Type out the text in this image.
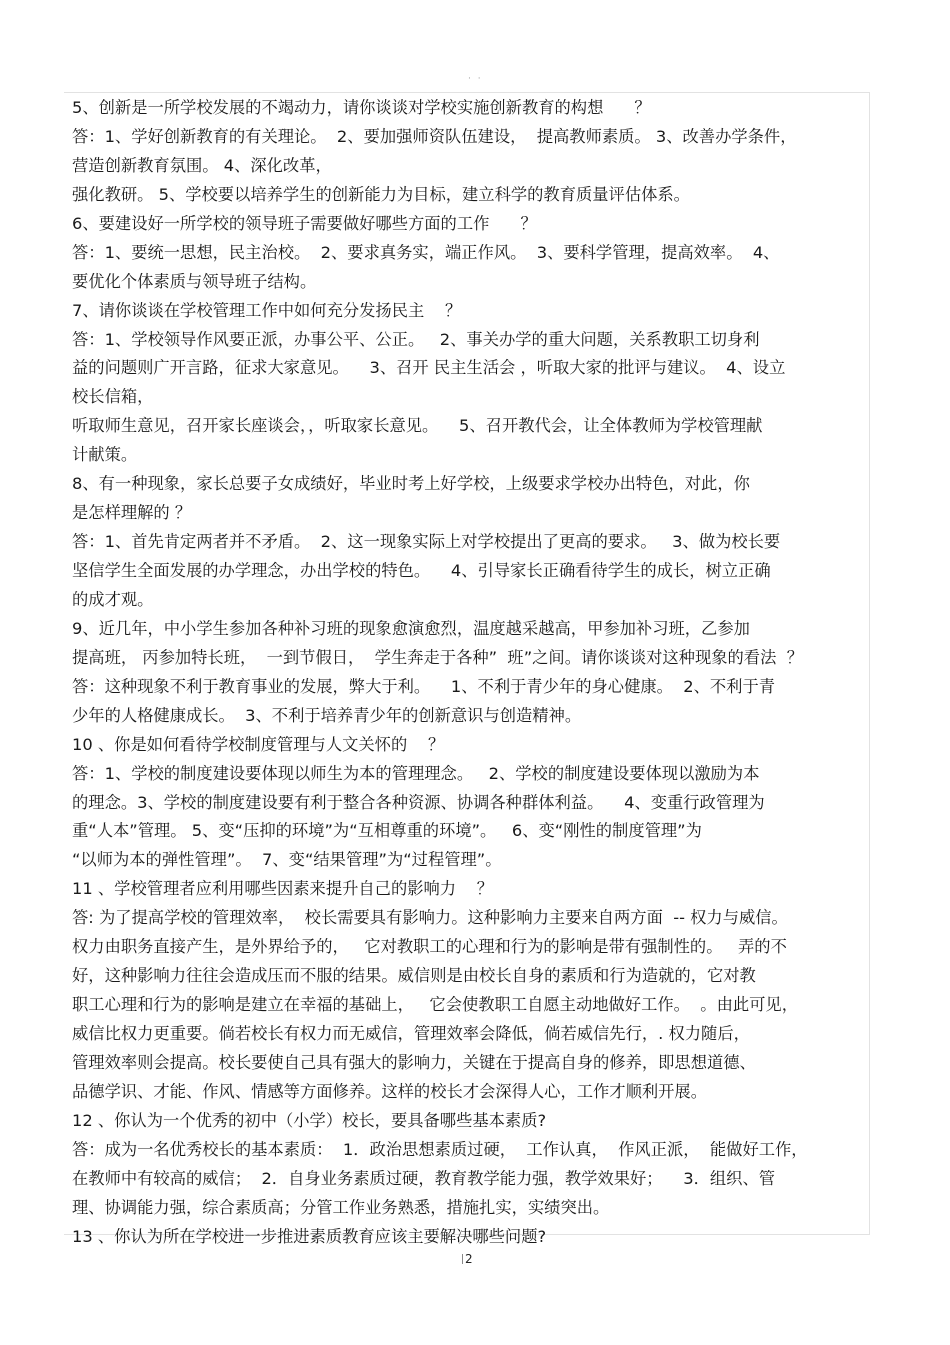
· ·
5、创新是一所学校发展的不竭动力，请你谈谈对学校实施创新教育的构想      ？
答：1、学好创新教育的有关理论。  2、要加强师资队伍建设，  提高教师素质。 3、改善办学条件，
营造创新教育氛围。 4、深化改革，
强化教研。 5、学校要以培养学生的创新能力为目标，建立科学的教育质量评估体系。
6、要建设好一所学校的领导班子需要做好哪些方面的工作      ？
答：1、要统一思想，民主治校。  2、要求真务实，端正作风。  3、要科学管理，提高效率。  4、
要优化个体素质与领导班子结构。
7、请你谈谈在学校管理工作中如何充分发扬民主    ？
答：1、学校领导作风要正派，办事公平、公正。   2、事关办学的重大问题，关系教职工切身利
益的问题则广开言路，征求大家意见。    3、召开 民主生活会 ，听取大家的批评与建议。  4、设立
校长信箱，
听取师生意见，召开家长座谈会，，听取家长意见。    5、召开教代会，让全体教师为学校管理献
计献策。
8、有一种现象，家长总要子女成绩好，毕业时考上好学校，上级要求学校办出特色，对此，你
是怎样理解的 ？
答：1、首先肯定两者并不矛盾。  2、这一现象实际上对学校提出了更高的要求。   3、做为校长要
坚信学生全面发展的办学理念，办出学校的特色。    4、引导家长正确看待学生的成长，树立正确
的成才观。
9、近几年，中小学生参加各种补习班的现象愈演愈烈，温度越采越高，甲参加补习班，乙参加
提高班， 丙参加特长班，  一到节假日，  学生奔走于各种”  班”之间。请你谈谈对这种现象的看法  ？
答：这种现象不利于教育事业的发展，弊大于利。    1、不利于青少年的身心健康。  2、不利于青
少年的人格健康成长。  3、不利于培养青少年的创新意识与创造精神。
10 、你是如何看待学校制度管理与人文关怀的    ？
答：1、学校的制度建设要体现以师生为本的管理理念。   2、学校的制度建设要体现以激励为本
的理念。3、学校的制度建设要有利于整合各种资源、协调各种群体利益。    4、变重行政管理为
重“人本”管理。 5、变“压抑的环境”为“互相尊重的环境”。   6、变“刚性的制度管理”为
“以师为本的弹性管理”。  7、变“结果管理”为“过程管理”。
11 、学校管理者应利用哪些因素来提升自己的影响力    ？
答: 为了提高学校的管理效率，  校长需要具有影响力。这种影响力主要来自两方面  -- 权力与威信。
权力由职务直接产生，是外界给予的，   它对教职工的心理和行为的影响是带有强制性的。   弄的不
好，这种影响力往往会造成压而不服的结果。威信则是由校长自身的素质和行为造就的，它对教
职工心理和行为的影响是建立在幸福的基础上，   它会使教职工自愿主动地做好工作。  。由此可见，
威信比权力更重要。倘若校长有权力而无威信，管理效率会降低，倘若威信先行，. 权力随后，
管理效率则会提高。校长要使自己具有强大的影响力，关键在于提高自身的修养，即思想道德、
品德学识、才能、作风、情感等方面修养。这样的校长才会深得人心，工作才顺利开展。
12 、你认为一个优秀的初中（小学）校长，要具备哪些基本素质?
答：成为一名优秀校长的基本素质：  1．政治思想素质过硬，  工作认真，  作风正派，  能做好工作，
在教师中有较高的威信；  2．自身业务素质过硬，教育教学能力强，教学效果好；    3．组织、管
理、协调能力强，综合素质高；分管工作业务熟悉，措施扎实，实绩突出。
13 、你认为所在学校进一步推进素质教育应该主要解决哪些问题?
2
